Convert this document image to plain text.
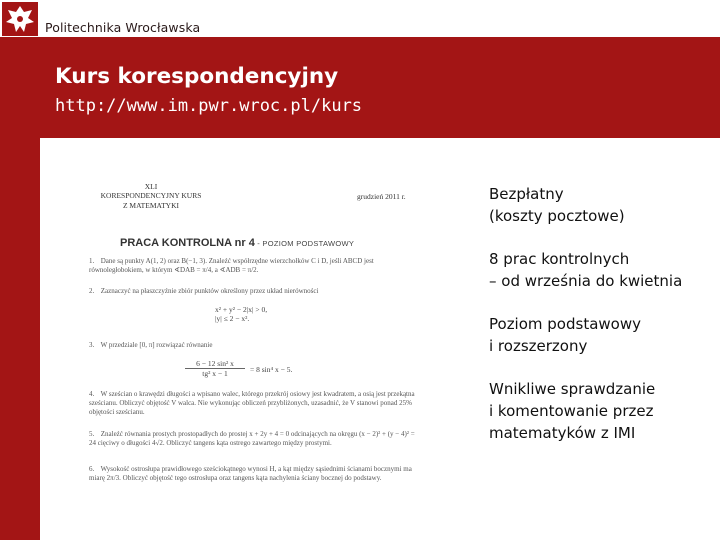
Politechnika Wrocławska
Kurs korespondencyjny
http://www.im.pwr.wroc.pl/kurs
XLI
KORESPONDENCYJNY KURS
Z MATEMATYKI
grudzień 2011 r.
PRACA KONTROLNA nr 4 - POZIOM PODSTAWOWY
1. Dane są punkty A(1, 2) oraz B(−1, 3). Znaleźć współrzędne wierzchołków C i D, jeśli ABCD jest równoległobokiem, w którym ∢DAB = π/4, a ∢ADB = π/2.
2. Zaznaczyć na płaszczyźnie zbiór punktów określony przez układ nierówności
x² + y² − 2|x| > 0,
|y| ≤ 2 − x².
3. W przedziale [0, π] rozwiązać równanie
$\frac{\text{6 − 12 sin² x}}{\text{tg² x − 1}} = 8$ sin⁴ x − 5.
4. W sześcian o krawędzi długości a wpisano walec, którego przekrój osiowy jest kwadratem, a osią jest przekątna sześcianu. Obliczyć objętość V walca. Nie wykonując obliczeń przybliżonych, uzasadnić, że V stanowi ponad 25% objętości sześcianu.
5. Znaleźć równania prostych prostopadłych do prostej x + 2y + 4 = 0 odcinających na okręgu (x − 2)² + (y − 4)² = 24 cięciwy o długości 4√2. Obliczyć tangens kąta ostrego zawartego między prostymi.
6. Wysokość ostrosłupa prawidłowego sześciokątnego wynosi H, a kąt między sąsiednimi ścianami bocznymi ma miarę 2π/3. Obliczyć objętość tego ostrosłupa oraz tangens kąta nachylenia ściany bocznej do podstawy.
Bezpłatny
(koszty pocztowe)
8 prac kontrolnych
– od września do kwietnia
Poziom podstawowy
i rozszerzony
Wnikliwe sprawdzanie
i komentowanie przez
matematyków z IMI
